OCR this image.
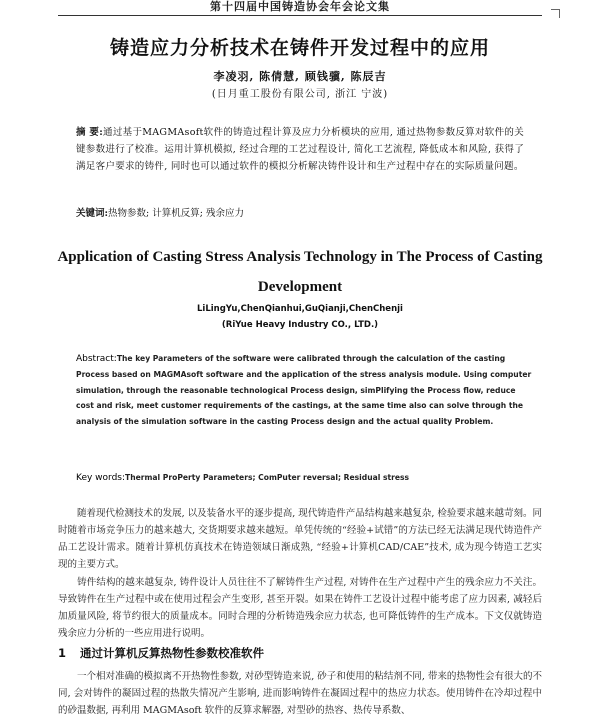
第十四届中国铸造协会年会论文集
铸造应力分析技术在铸件开发过程中的应用
李凌羽, 陈倩慧, 顾钱骥, 陈辰吉
(日月重工股份有限公司, 浙江 宁波)
摘 要:通过基于MAGMAsoft软件的铸造过程计算及应力分析模块的应用, 通过热物参数反算对软件的关键参数进行了校准。运用计算机模拟, 经过合理的工艺过程设计, 简化工艺流程, 降低成本和风险, 获得了满足客户要求的铸件, 同时也可以通过软件的模拟分析解决铸件设计和生产过程中存在的实际质量问题。
关键词:热物参数; 计算机反算; 残余应力
Application of Casting Stress Analysis Technology in The Process of Casting Development
LiLingYu,ChenQianhui,GuQianji,ChenChenji
(RiYue Heavy Industry CO., LTD.)
Abstract:The key Parameters of the software were calibrated through the calculation of the casting Process based on MAGMAsoft software and the application of the stress analysis module. Using computer simulation, through the reasonable technological Process design, simPlifying the Process flow, reduce cost and risk, meet customer requirements of the castings, at the same time also can solve through the analysis of the simulation software in the casting Process design and the actual quality Problem.
Key words:Thermal ProPerty Parameters; ComPuter reversal; Residual stress
随着现代检测技术的发展, 以及装备水平的逐步提高, 现代铸造件产品结构越来越复杂, 检验要求越来越苛刻。同时随着市场竞争压力的越来越大, 交货期要求越来越短。单凭传统的“经验+试错”的方法已经无法满足现代铸造件产品工艺设计需求。随着计算机仿真技术在铸造领域日渐成熟, “经验+计算机CAD/CAE”技术, 成为现今铸造工艺实现的主要方式。
铸件结构的越来越复杂, 铸件设计人员往往不了解铸件生产过程, 对铸件在生产过程中产生的残余应力不关注。导致铸件在生产过程中或在使用过程会产生变形, 甚至开裂。如果在铸件工艺设计过程中能考虑了应力因素, 减轻后加质量风险, 将节约很大的质量成本。同时合理的分析铸造残余应力状态, 也可降低铸件的生产成本。下文仅就铸造残余应力分析的一些应用进行说明。
1 通过计算机反算热物性参数校准软件
一个相对准确的模拟离不开热物性参数, 对砂型铸造来说, 砂子和使用的粘结剂不同, 带来的热物性会有很大的不同, 会对铸件的凝固过程的热散失情况产生影响, 进而影响铸件在凝固过程中的热应力状态。使用铸件在冷却过程中的砂温数据, 再利用 MAGMAsoft 软件的反算求解器, 对型砂的热容、热传导系数、
